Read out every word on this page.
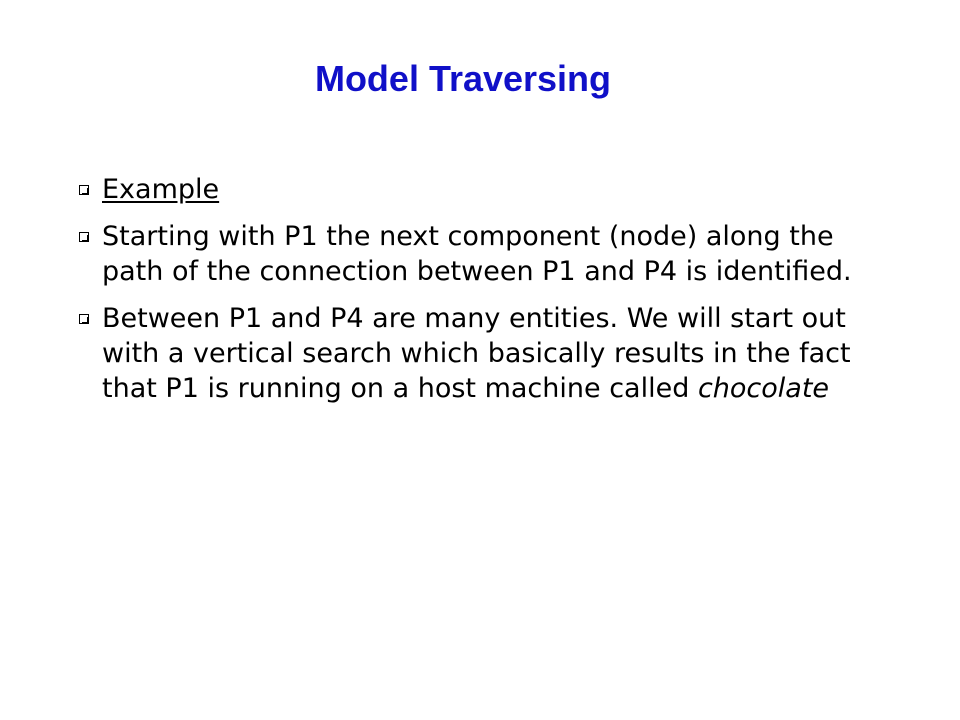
Model Traversing
Example
Starting with P1 the next component (node) along the path of the connection between P1 and P4 is identified.
Between P1 and P4 are many entities. We will start out with a vertical search which basically results in the fact that P1 is running on a host machine called chocolate
